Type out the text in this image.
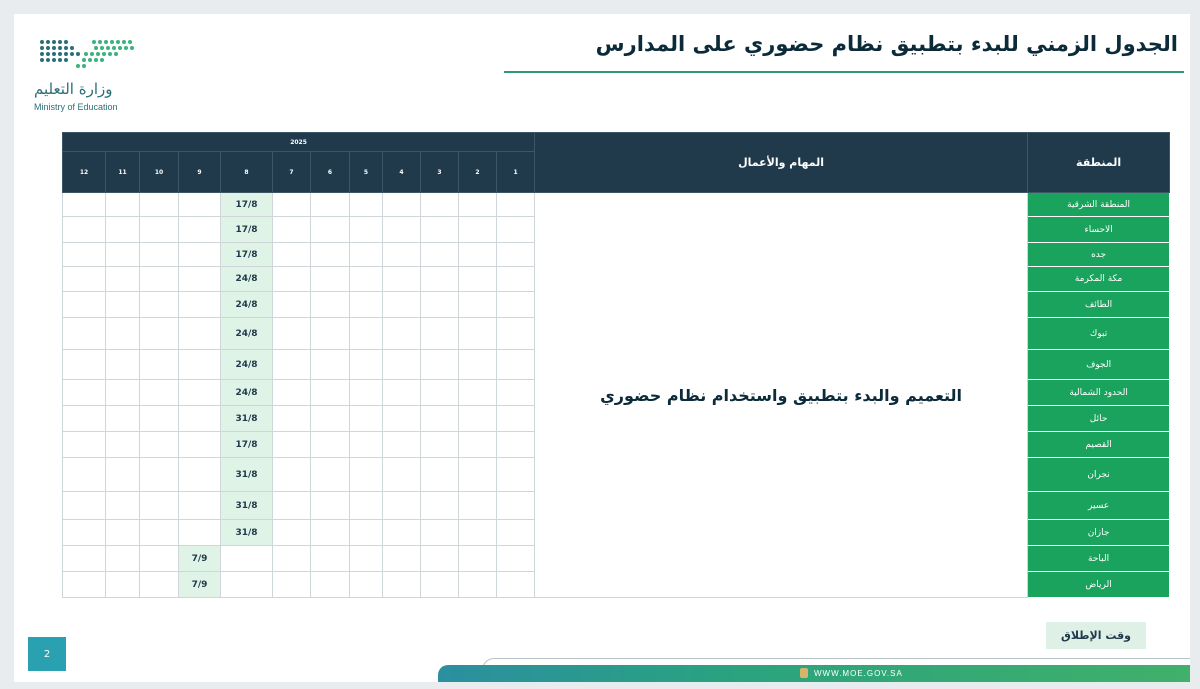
وزارة التعليم
Ministry of Education
الجدول الزمني للبدء بتطبيق نظام حضوري على المدارس
2025												المهام والأعمال	المنطقة
12	11	10	9	8	7	6	5	4	3	2	1		
				17/8								التعميم والبدء بتطبيق واستخدام نظام حضوري	المنطقة الشرقية
				17/8									الاحساء
				17/8									جده
				24/8									مكة المكرمة
				24/8									الطائف
				24/8									تبوك
				24/8									الجوف
				24/8									الحدود الشمالية
				31/8									حائل
				17/8									القصيم
				31/8									نجران
				31/8									عسير
				31/8									جازان
			7/9										الباحة
			7/9										الرياض
وقت الإطلاق
2
WWW.MOE.GOV.SA
